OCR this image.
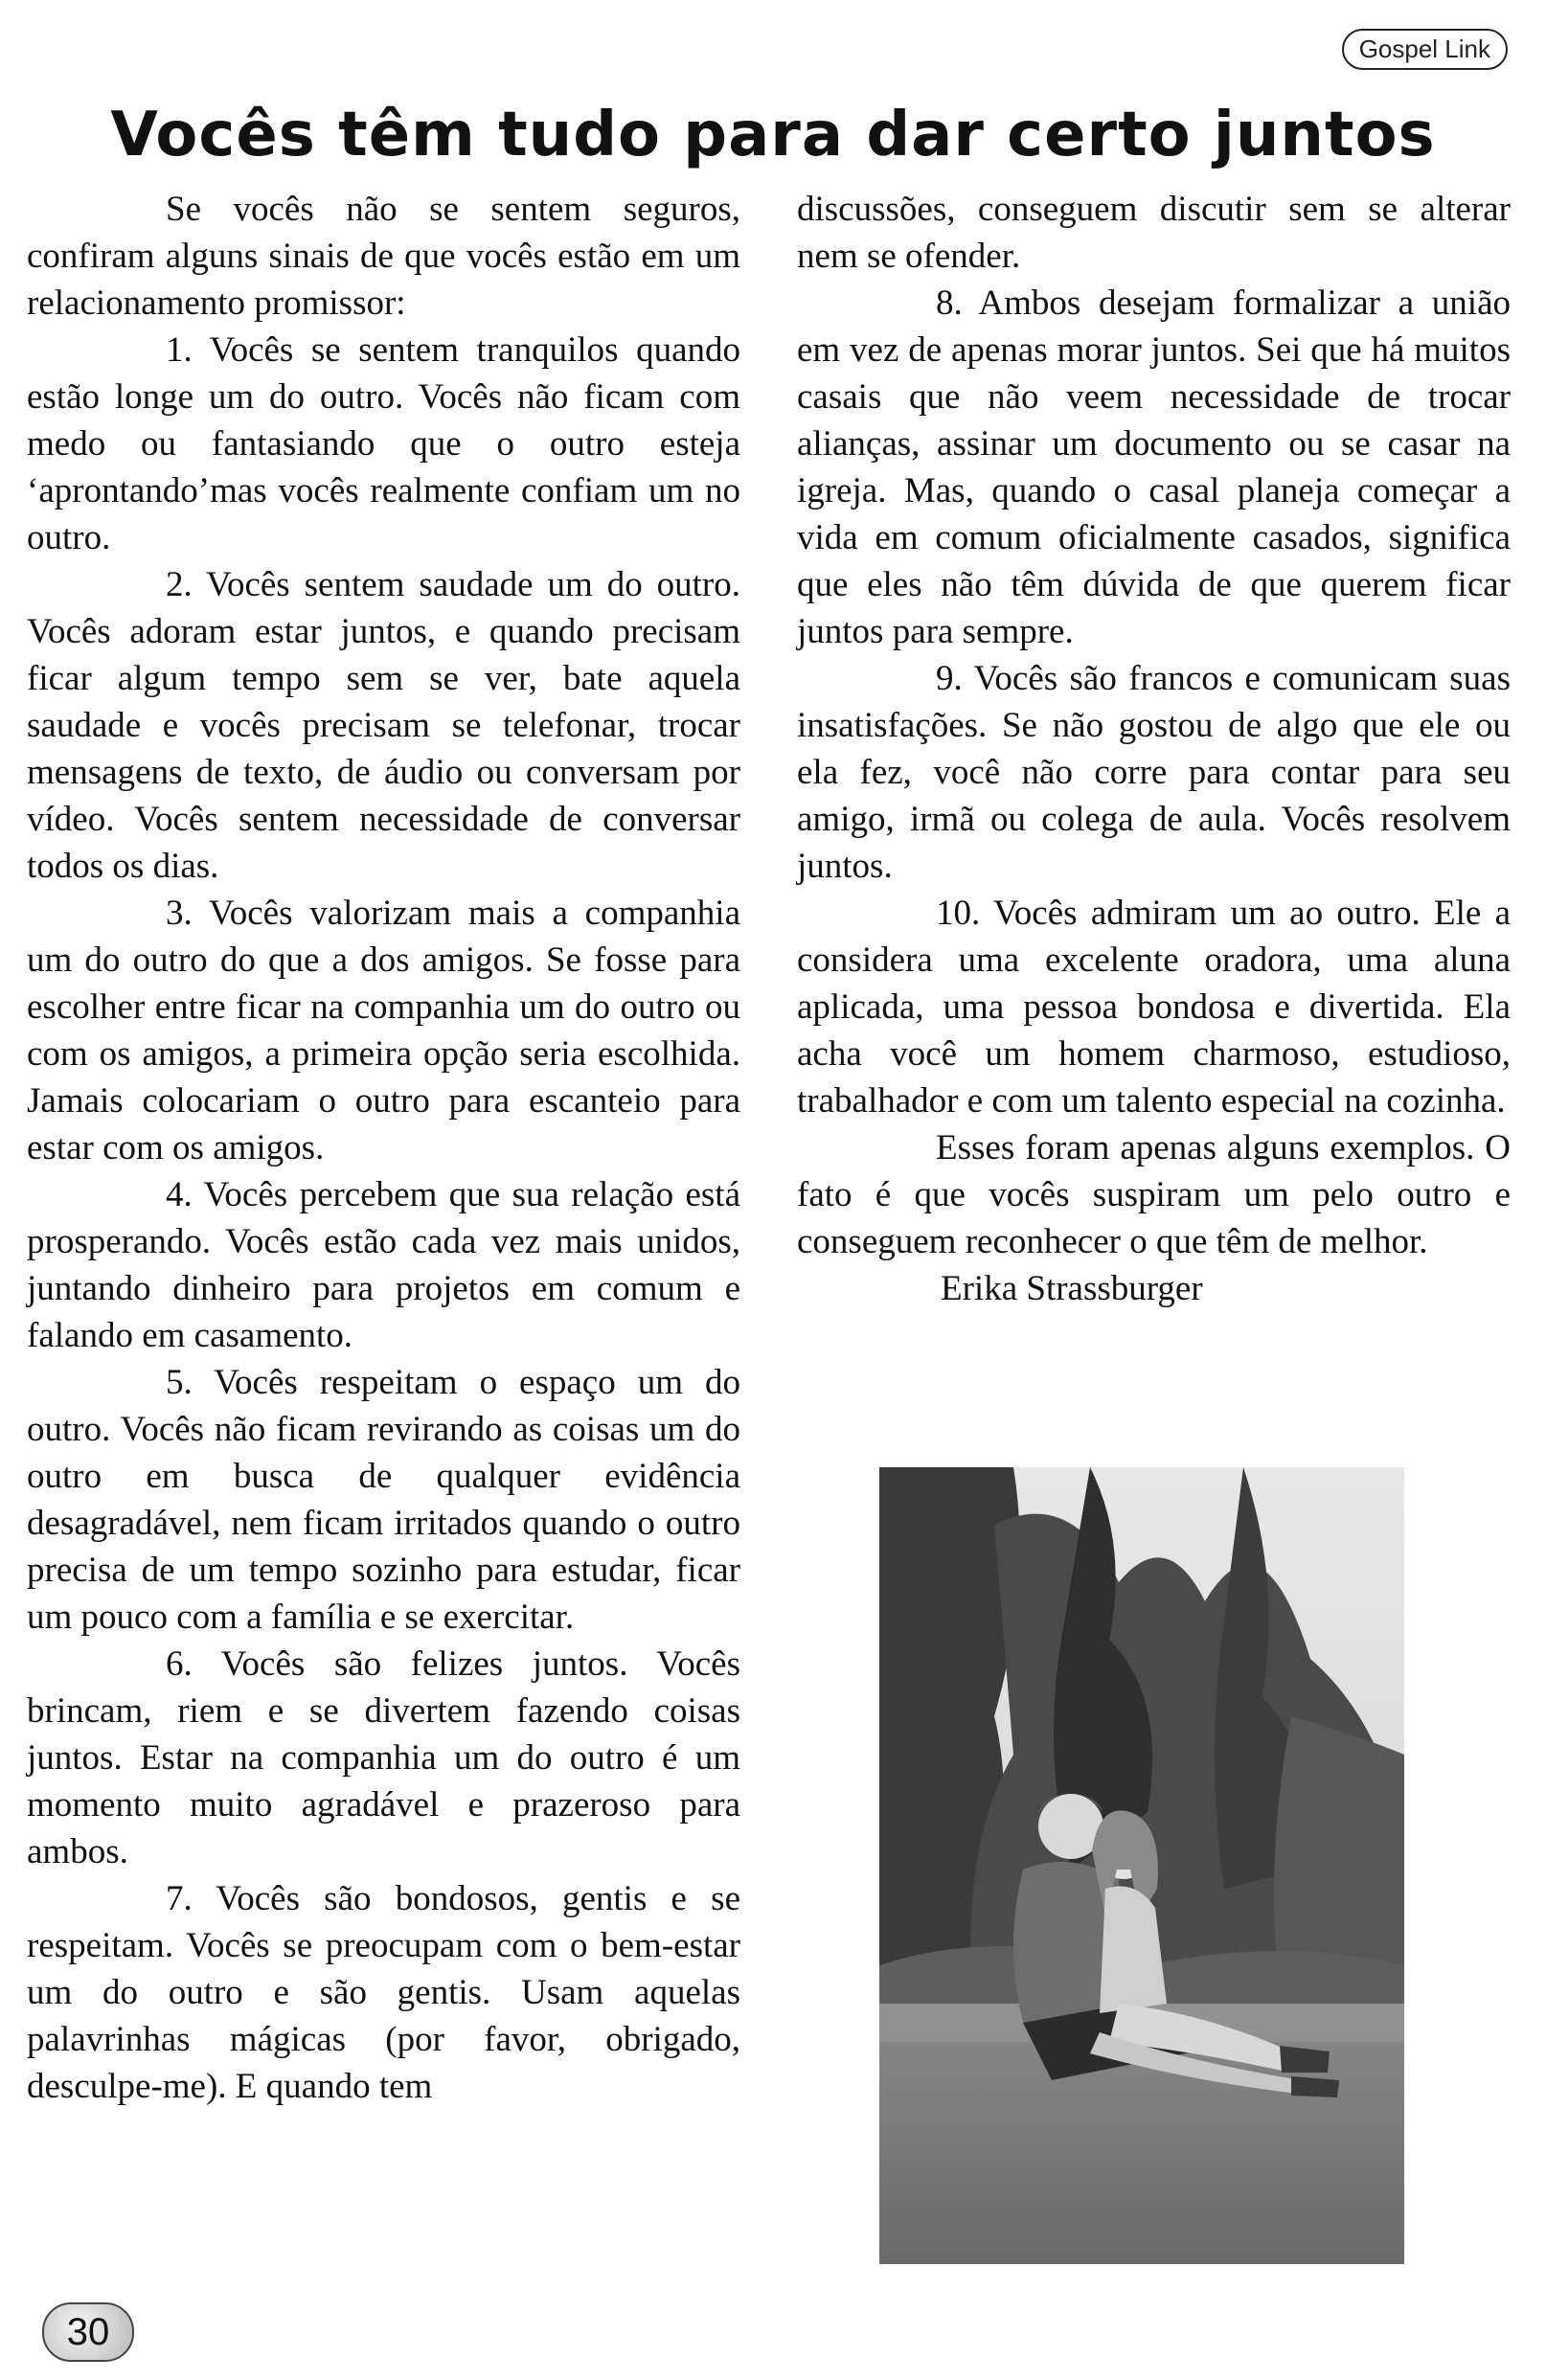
Gospel Link
Vocês têm tudo para dar certo juntos

Se vocês não se sentem seguros, confiram alguns sinais de que vocês estão em um relacionamento promissor:

1. Vocês se sentem tranquilos quando estão longe um do outro. Vocês não ficam com medo ou fantasiando que o outro esteja ‘aprontando’mas vocês realmente confiam um no outro.

2. Vocês sentem saudade um do outro. Vocês adoram estar juntos, e quando precisam ficar algum tempo sem se ver, bate aquela saudade e vocês precisam se telefonar, trocar mensagens de texto, de áudio ou conversam por vídeo. Vocês sentem necessidade de conversar todos os dias.

3. Vocês valorizam mais a companhia um do outro do que a dos amigos. Se fosse para escolher entre ficar na companhia um do outro ou com os amigos, a primeira opção seria escolhida. Jamais colocariam o outro para escanteio para estar com os amigos.

4. Vocês percebem que sua relação está prosperando. Vocês estão cada vez mais unidos, juntando dinheiro para projetos em comum e falando em casamento.

5. Vocês respeitam o espaço um do outro. Vocês não ficam revirando as coisas um do outro em busca de qualquer evidência desagradável, nem ficam irritados quando o outro precisa de um tempo sozinho para estudar, ficar um pouco com a família e se exercitar.

6. Vocês são felizes juntos. Vocês brincam, riem e se divertem fazendo coisas juntos. Estar na companhia um do outro é um momento muito agradável e prazeroso para ambos.

7. Vocês são bondosos, gentis e se respeitam. Vocês se preocupam com o bem-estar um do outro e são gentis. Usam aquelas palavrinhas mágicas (por favor, obrigado, desculpe-me). E quando tem

discussões, conseguem discutir sem se alterar nem se ofender.

8. Ambos desejam formalizar a união em vez de apenas morar juntos. Sei que há muitos casais que não veem necessidade de trocar alianças, assinar um documento ou se casar na igreja. Mas, quando o casal planeja começar a vida em comum oficialmente casados, significa que eles não têm dúvida de que querem ficar juntos para sempre.

9. Vocês são francos e comunicam suas insatisfações. Se não gostou de algo que ele ou ela fez, você não corre para contar para seu amigo, irmã ou colega de aula. Vocês resolvem juntos.

10. Vocês admiram um ao outro. Ele a considera uma excelente oradora, uma aluna aplicada, uma pessoa bondosa e divertida. Ela acha você um homem charmoso, estudioso, trabalhador e com um talento especial na cozinha.

Esses foram apenas alguns exemplos. O fato é que vocês suspiram um pelo outro e conseguem reconhecer o que têm de melhor.

Erika Strassburger

30
